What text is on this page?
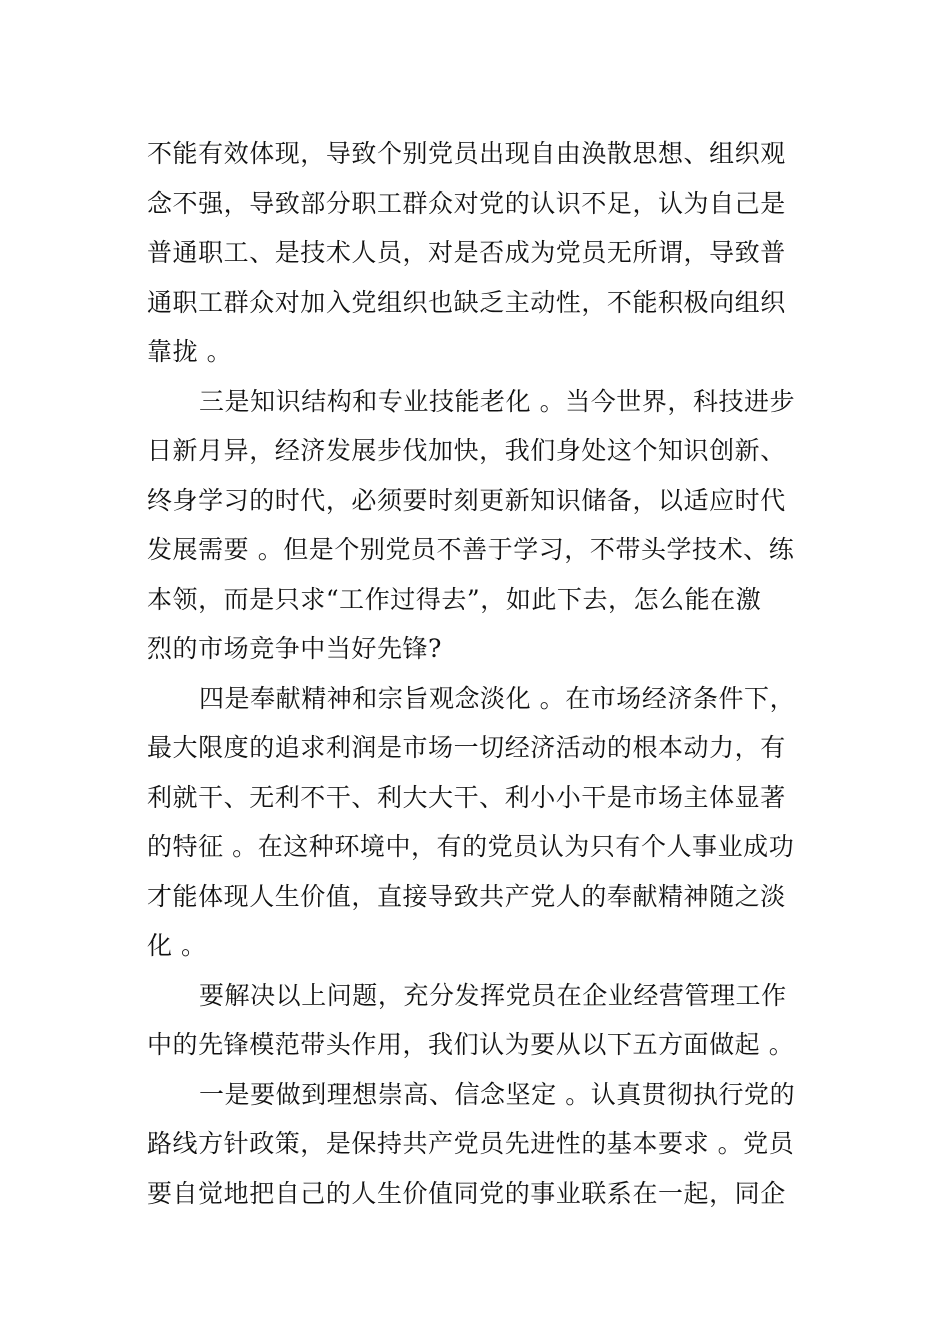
不能有效体现，导致个别党员出现自由涣散思想、组织观
念不强，导致部分职工群众对党的认识不足，认为自己是
普通职工、是技术人员，对是否成为党员无所谓，导致普
通职工群众对加入党组织也缺乏主动性，不能积极向组织
靠拢 。
三是知识结构和专业技能老化 。当今世界，科技进步
日新月异，经济发展步伐加快，我们身处这个知识创新、
终身学习的时代，必须要时刻更新知识储备，以适应时代
发展需要 。但是个别党员不善于学习，不带头学技术、练
本领，而是只求“工作过得去”，如此下去，怎么能在激
烈的市场竞争中当好先锋?
四是奉献精神和宗旨观念淡化 。在市场经济条件下，
最大限度的追求利润是市场一切经济活动的根本动力，有
利就干、无利不干、利大大干、利小小干是市场主体显著
的特征 。在这种环境中，有的党员认为只有个人事业成功
才能体现人生价值，直接导致共产党人的奉献精神随之淡
化 。
要解决以上问题，充分发挥党员在企业经营管理工作
中的先锋模范带头作用，我们认为要从以下五方面做起 。
一是要做到理想崇高、信念坚定 。认真贯彻执行党的
路线方针政策，是保持共产党员先进性的基本要求 。党员
要自觉地把自己的人生价值同党的事业联系在一起，同企
